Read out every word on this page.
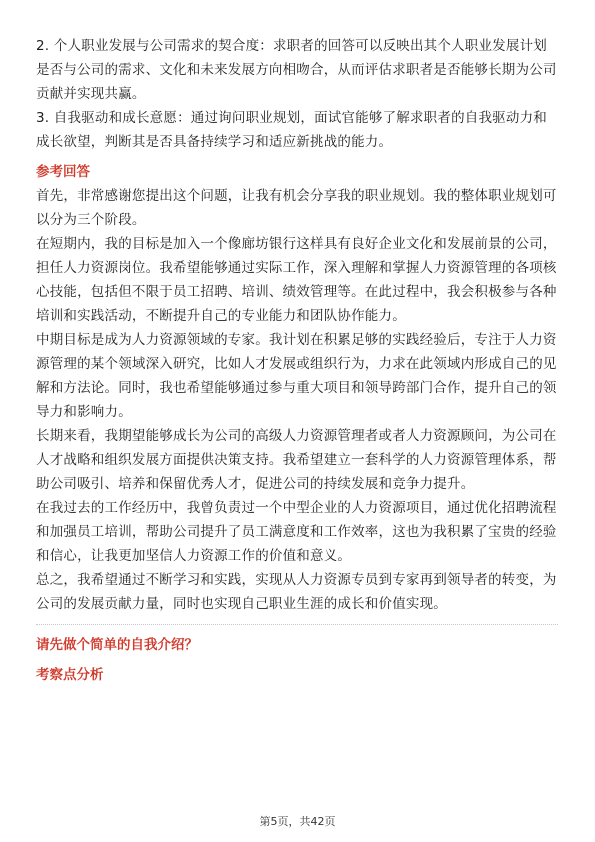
2. 个人职业发展与公司需求的契合度：求职者的回答可以反映出其个人职业发展计划是否与公司的需求、文化和未来发展方向相吻合，从而评估求职者是否能够长期为公司贡献并实现共赢。

3. 自我驱动和成长意愿：通过询问职业规划，面试官能够了解求职者的自我驱动力和成长欲望，判断其是否具备持续学习和适应新挑战的能力。

参考回答

首先，非常感谢您提出这个问题，让我有机会分享我的职业规划。我的整体职业规划可以分为三个阶段。

在短期内，我的目标是加入一个像廊坊银行这样具有良好企业文化和发展前景的公司，担任人力资源岗位。我希望能够通过实际工作，深入理解和掌握人力资源管理的各项核心技能，包括但不限于员工招聘、培训、绩效管理等。在此过程中，我会积极参与各种培训和实践活动，不断提升自己的专业能力和团队协作能力。

中期目标是成为人力资源领域的专家。我计划在积累足够的实践经验后，专注于人力资源管理的某个领域深入研究，比如人才发展或组织行为，力求在此领域内形成自己的见解和方法论。同时，我也希望能够通过参与重大项目和领导跨部门合作，提升自己的领导力和影响力。

长期来看，我期望能够成长为公司的高级人力资源管理者或者人力资源顾问，为公司在人才战略和组织发展方面提供决策支持。我希望建立一套科学的人力资源管理体系，帮助公司吸引、培养和保留优秀人才，促进公司的持续发展和竞争力提升。

在我过去的工作经历中，我曾负责过一个中型企业的人力资源项目，通过优化招聘流程和加强员工培训，帮助公司提升了员工满意度和工作效率，这也为我积累了宝贵的经验和信心，让我更加坚信人力资源工作的价值和意义。

总之，我希望通过不断学习和实践，实现从人力资源专员到专家再到领导者的转变，为公司的发展贡献力量，同时也实现自己职业生涯的成长和价值实现。

请先做个简单的自我介绍？

考察点分析

第5页，共42页
